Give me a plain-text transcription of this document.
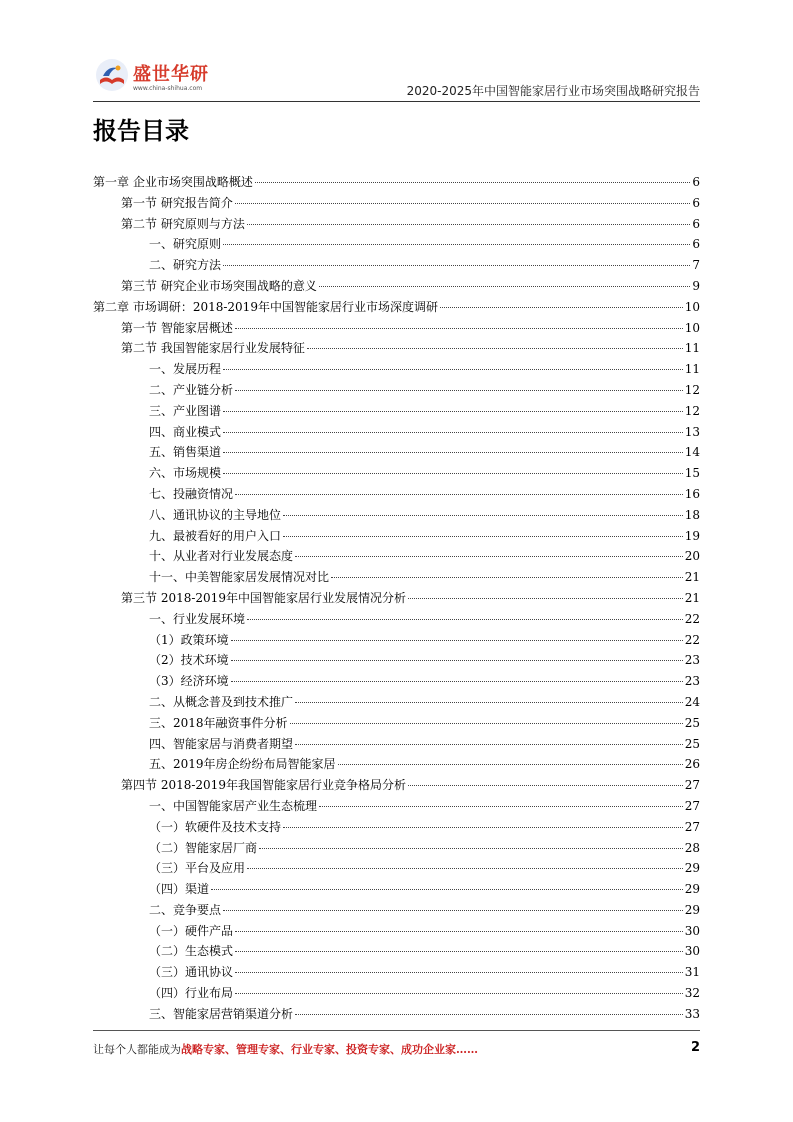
盛世华研
www.china-shihua.com	2020-2025年中国智能家居行业市场突围战略研究报告
报告目录
第一章 企业市场突围战略概述	6
第一节 研究报告简介	6
第二节 研究原则与方法	6
一、研究原则	6
二、研究方法	7
第三节 研究企业市场突围战略的意义	9
第二章 市场调研：2018-2019年中国智能家居行业市场深度调研	10
第一节 智能家居概述	10
第二节 我国智能家居行业发展特征	11
一、发展历程	11
二、产业链分析	12
三、产业图谱	12
四、商业模式	13
五、销售渠道	14
六、市场规模	15
七、投融资情况	16
八、通讯协议的主导地位	18
九、最被看好的用户入口	19
十、从业者对行业发展态度	20
十一、中美智能家居发展情况对比	21
第三节 2018-2019年中国智能家居行业发展情况分析	21
一、行业发展环境	22
（1）政策环境	22
（2）技术环境	23
（3）经济环境	23
二、从概念普及到技术推广	24
三、2018年融资事件分析	25
四、智能家居与消费者期望	25
五、2019年房企纷纷布局智能家居	26
第四节 2018-2019年我国智能家居行业竞争格局分析	27
一、中国智能家居产业生态梳理	27
（一）软硬件及技术支持	27
（二）智能家居厂商	28
（三）平台及应用	29
（四）渠道	29
二、竞争要点	29
（一）硬件产品	30
（二）生态模式	30
（三）通讯协议	31
（四）行业布局	32
三、智能家居营销渠道分析	33
让每个人都能成为战略专家、管理专家、行业专家、投资专家、成功企业家……	2
